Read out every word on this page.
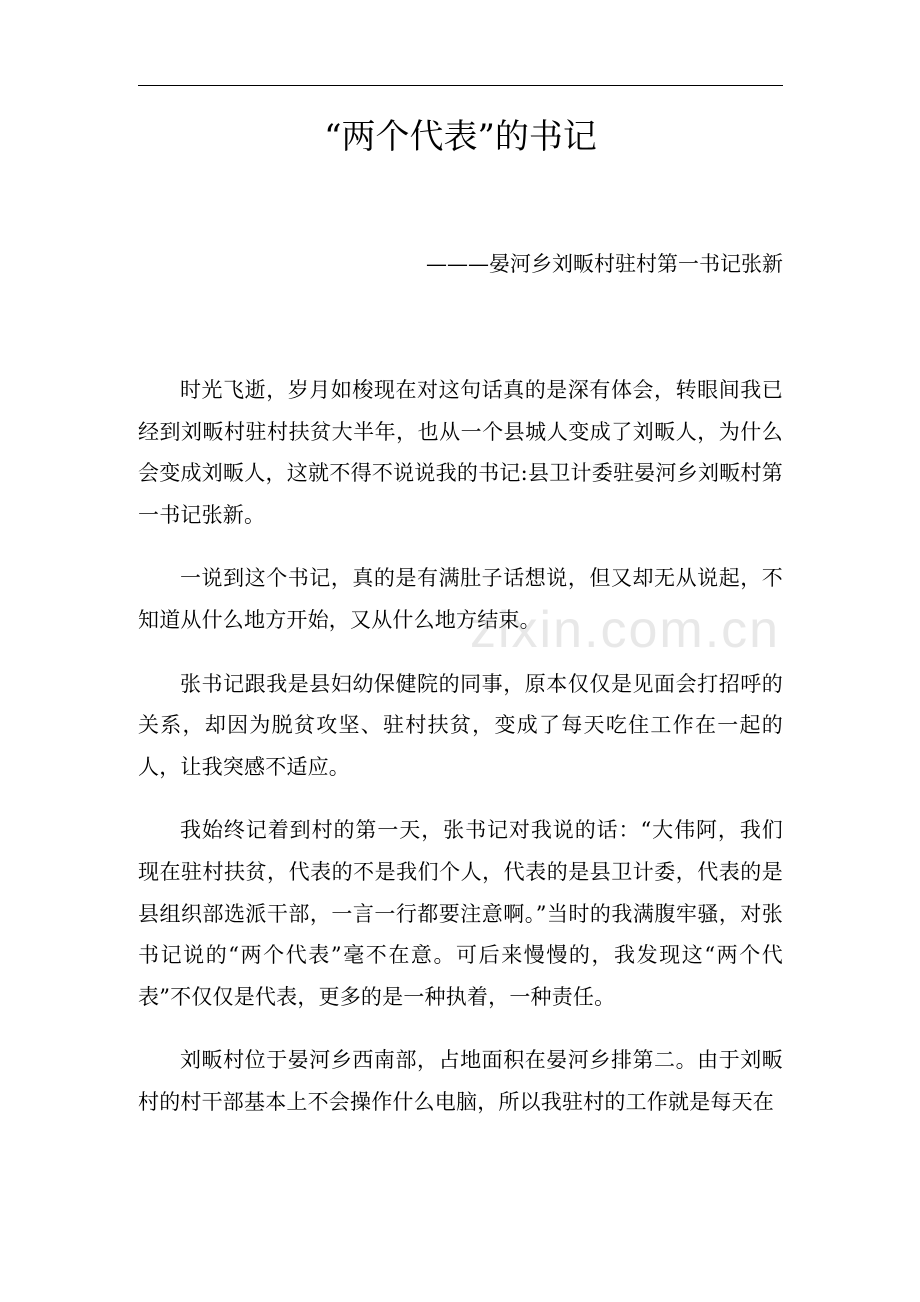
“两个代表”的书记

———晏河乡刘畈村驻村第一书记张新

时光飞逝，岁月如梭现在对这句话真的是深有体会，转眼间我已经到刘畈村驻村扶贫大半年，也从一个县城人变成了刘畈人，为什么会变成刘畈人，这就不得不说说我的书记:县卫计委驻晏河乡刘畈村第一书记张新。

一说到这个书记，真的是有满肚子话想说，但又却无从说起，不知道从什么地方开始，又从什么地方结束。

张书记跟我是县妇幼保健院的同事，原本仅仅是见面会打招呼的关系，却因为脱贫攻坚、驻村扶贫，变成了每天吃住工作在一起的人，让我突感不适应。

我始终记着到村的第一天，张书记对我说的话：“大伟阿，我们现在驻村扶贫，代表的不是我们个人，代表的是县卫计委，代表的是县组织部选派干部，一言一行都要注意啊。”当时的我满腹牢骚，对张书记说的“两个代表”毫不在意。可后来慢慢的，我发现这“两个代表”不仅仅是代表，更多的是一种执着，一种责任。

刘畈村位于晏河乡西南部，占地面积在晏河乡排第二。由于刘畈村的村干部基本上不会操作什么电脑，所以我驻村的工作就是每天在

zixin.com.cn
